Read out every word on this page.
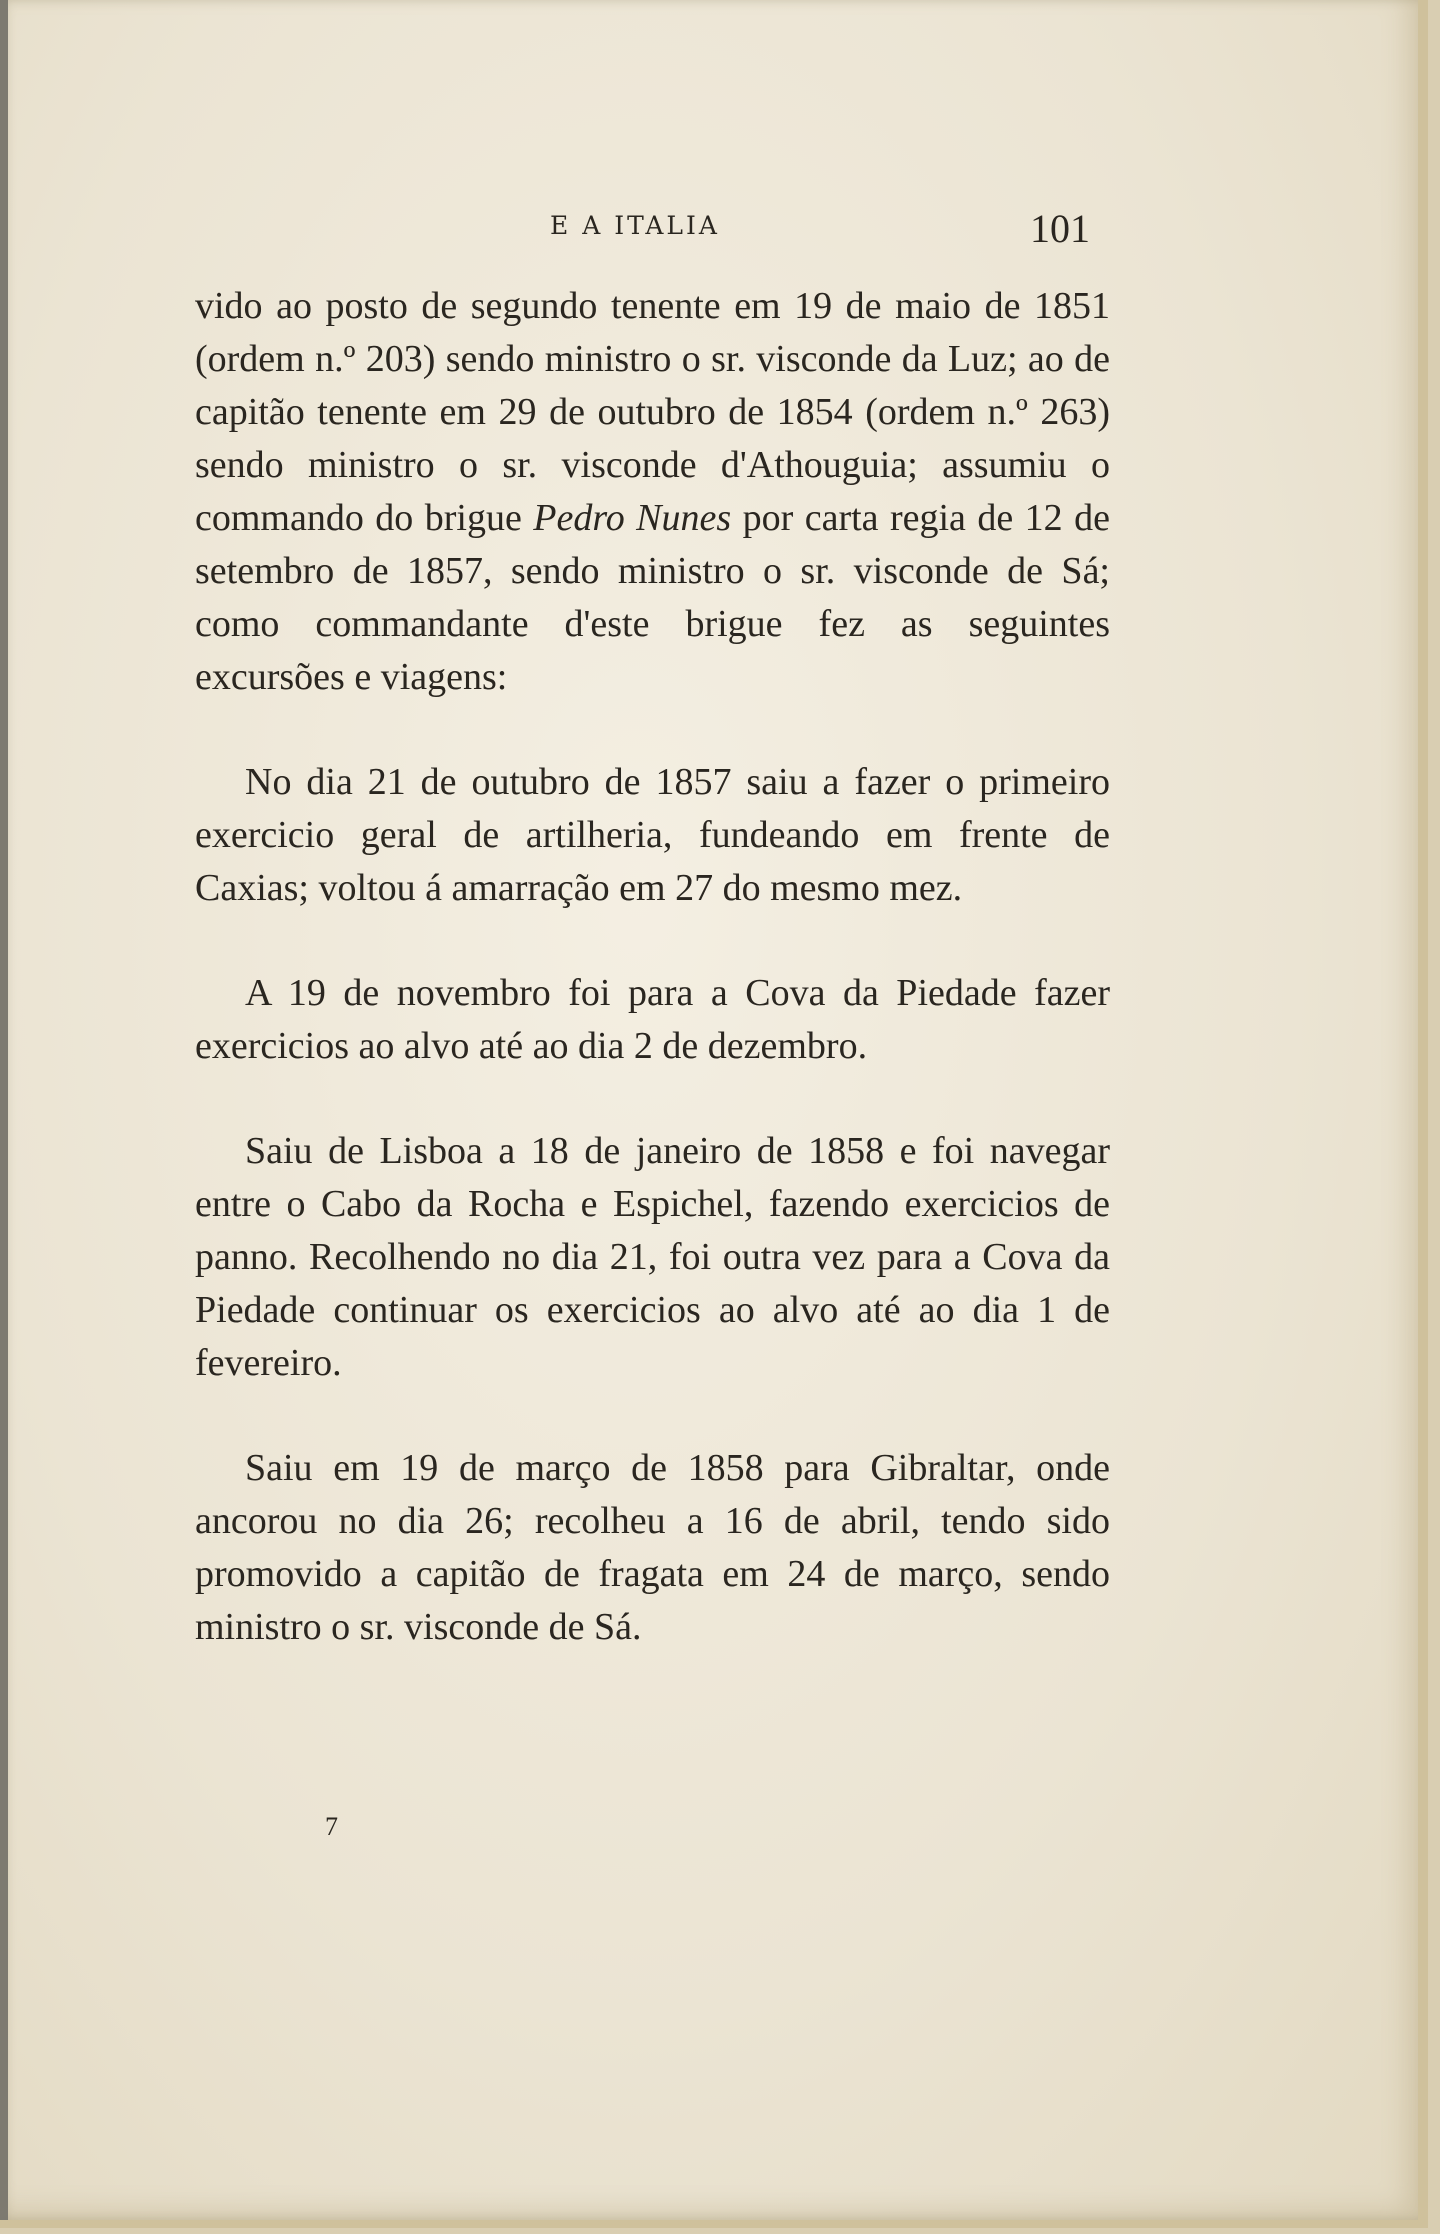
E A ITALIA	101

vido ao posto de segundo tenente em 19 de maio de 1851 (ordem n.º 203) sendo ministro o sr. visconde da Luz; ao de capitão tenente em 29 de outubro de 1854 (ordem n.º 263) sendo ministro o sr. visconde d'Athouguia; assumiu o commando do brigue Pedro Nunes por carta regia de 12 de setembro de 1857, sendo ministro o sr. visconde de Sá; como commandante d'este brigue fez as seguintes excursões e viagens:

No dia 21 de outubro de 1857 saiu a fazer o primeiro exercicio geral de artilheria, fundeando em frente de Caxias; voltou á amarração em 27 do mesmo mez.

A 19 de novembro foi para a Cova da Piedade fazer exercicios ao alvo até ao dia 2 de dezembro.

Saiu de Lisboa a 18 de janeiro de 1858 e foi navegar entre o Cabo da Rocha e Espichel, fazendo exercicios de panno. Recolhendo no dia 21, foi outra vez para a Cova da Piedade continuar os exercicios ao alvo até ao dia 1 de fevereiro.

Saiu em 19 de março de 1858 para Gibraltar, onde ancorou no dia 26; recolheu a 16 de abril, tendo sido promovido a capitão de fragata em 24 de março, sendo ministro o sr. visconde de Sá.

7
